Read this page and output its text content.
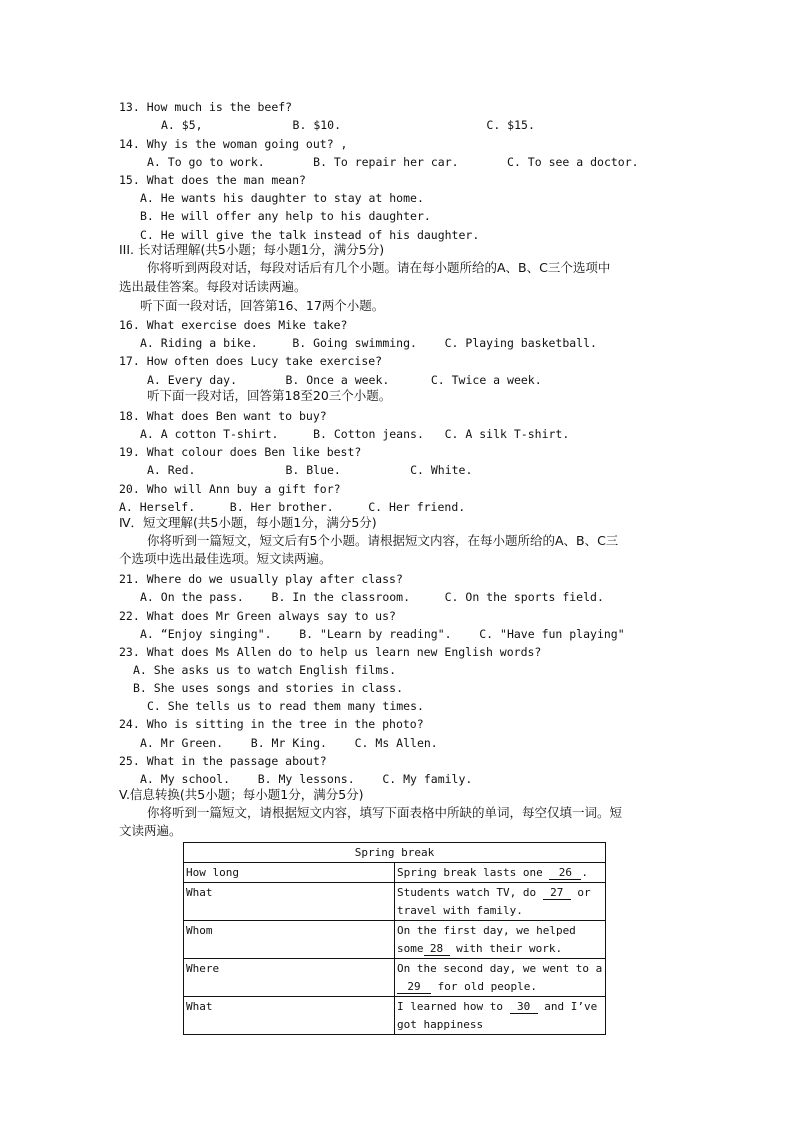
13. How much is the beef?
A. $5,             B. $10.                     C. $15.
14. Why is the woman going out? ,
A. To go to work.       B. To repair her car.       C. To see a doctor.
15. What does the man mean?
A. He wants his daughter to stay at home.
B. He will offer any help to his daughter.
C. He will give the talk instead of his daughter.
III. 长对话理解(共5小题；每小题1分，满分5分)
你将听到两段对话，每段对话后有几个小题。请在每小题所给的A、B、C三个选项中
选出最佳答案。每段对话读两遍。
听下面一段对话，回答第16、17两个小题。
16. What exercise does Mike take?
A. Riding a bike.     B. Going swimming.    C. Playing basketball.
17. How often does Lucy take exercise?
A. Every day.       B. Once a week.      C. Twice a week.
听下面一段对话，回答第18至20三个小题。
18. What does Ben want to buy?
A. A cotton T-shirt.     B. Cotton jeans.   C. A silk T-shirt.
19. What colour does Ben like best?
A. Red.             B. Blue.          C. White.
20. Who will Ann buy a gift for?
A. Herself.     B. Her brother.     C. Her friend.
Ⅳ．短文理解(共5小题，每小题1分，满分5分)
你将听到一篇短文，短文后有5个小题。请根据短文内容，在每小题所给的A、B、C三
个选项中选出最佳选项。短文读两遍。
21. Where do we usually play after class?
A. On the pass.    B. In the classroom.     C. On the sports field.
22. What does Mr Green always say to us?
A. “Enjoy singing".    B. "Learn by reading".    C. "Have fun playing"
23. What does Ms Allen do to help us learn new English words?
A. She asks us to watch English films.
B. She uses songs and stories in class.
C. She tells us to read them many times.
24. Who is sitting in the tree in the photo?
A. Mr Green.    B. Mr King.    C. Ms Allen.
25. What in the passage about?
A. My school.    B. My lessons.    C. My family.
V.信息转换(共5小题；每小题1分，满分5分)
你将听到一篇短文，请根据短文内容，填写下面表格中所缺的单词，每空仅填一词。短
文读两遍。
Spring break	
How long	Spring break lasts one 26 .
What	Students watch TV, do 27 or travel with family.
Whom	On the first day, we helped some 28 with their work.
Where	On the second day, we went to a 29 for old people.
What	I learned how to 30 and I’ve got happiness
